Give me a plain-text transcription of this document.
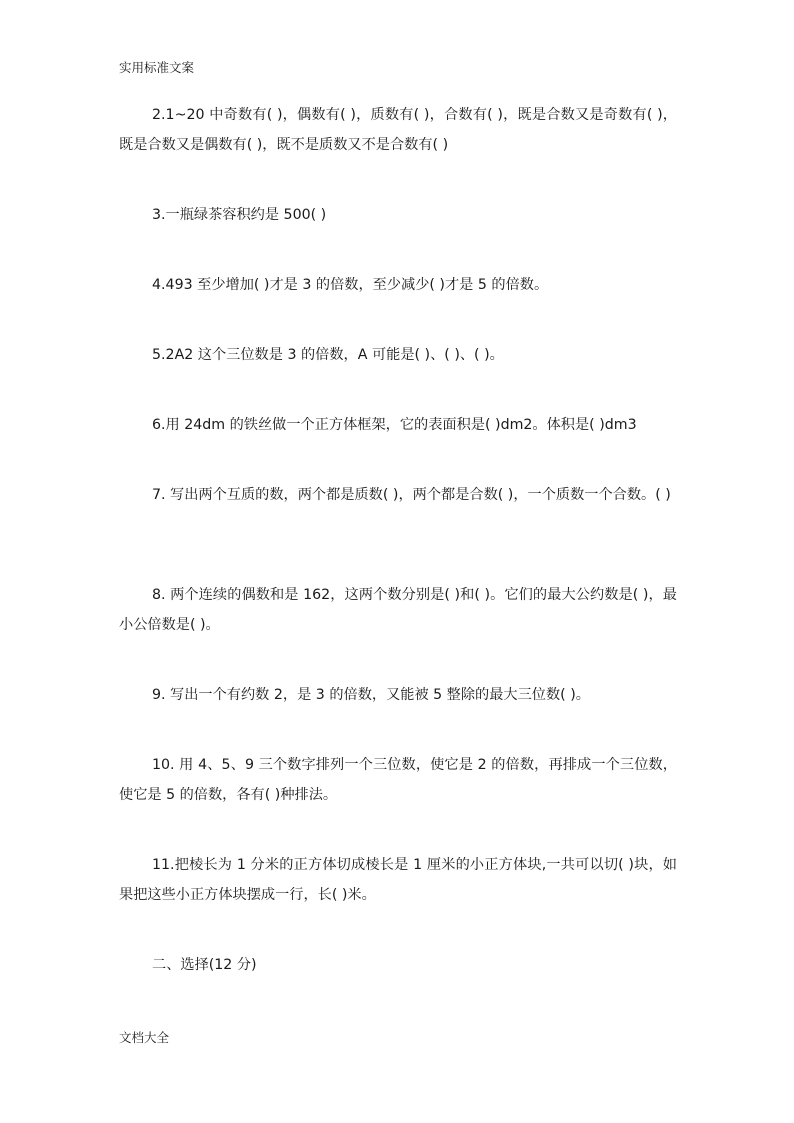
实用标准文案

2.1~20 中奇数有( )，偶数有( )，质数有( )，合数有( )，既是合数又是奇数有( )，既是合数又是偶数有( )，既不是质数又不是合数有( )

3.一瓶绿茶容积约是 500( )

4.493 至少增加( )才是 3 的倍数，至少减少( )才是 5 的倍数。

5.2A2 这个三位数是 3 的倍数，A 可能是( )、( )、( )。

6.用 24dm 的铁丝做一个正方体框架，它的表面积是( )dm2。体积是( )dm3

7. 写出两个互质的数，两个都是质数( )，两个都是合数( )，一个质数一个合数。( )

8. 两个连续的偶数和是 162，这两个数分别是( )和( )。它们的最大公约数是( )，最小公倍数是( )。

9. 写出一个有约数 2，是 3 的倍数，又能被 5 整除的最大三位数( )。

10. 用 4、5、9 三个数字排列一个三位数，使它是 2 的倍数，再排成一个三位数，使它是 5 的倍数，各有( )种排法。

11.把棱长为 1 分米的正方体切成棱长是 1 厘米的小正方体块,一共可以切( )块，如果把这些小正方体块摆成一行，长( )米。

二、选择(12 分)

文档大全
